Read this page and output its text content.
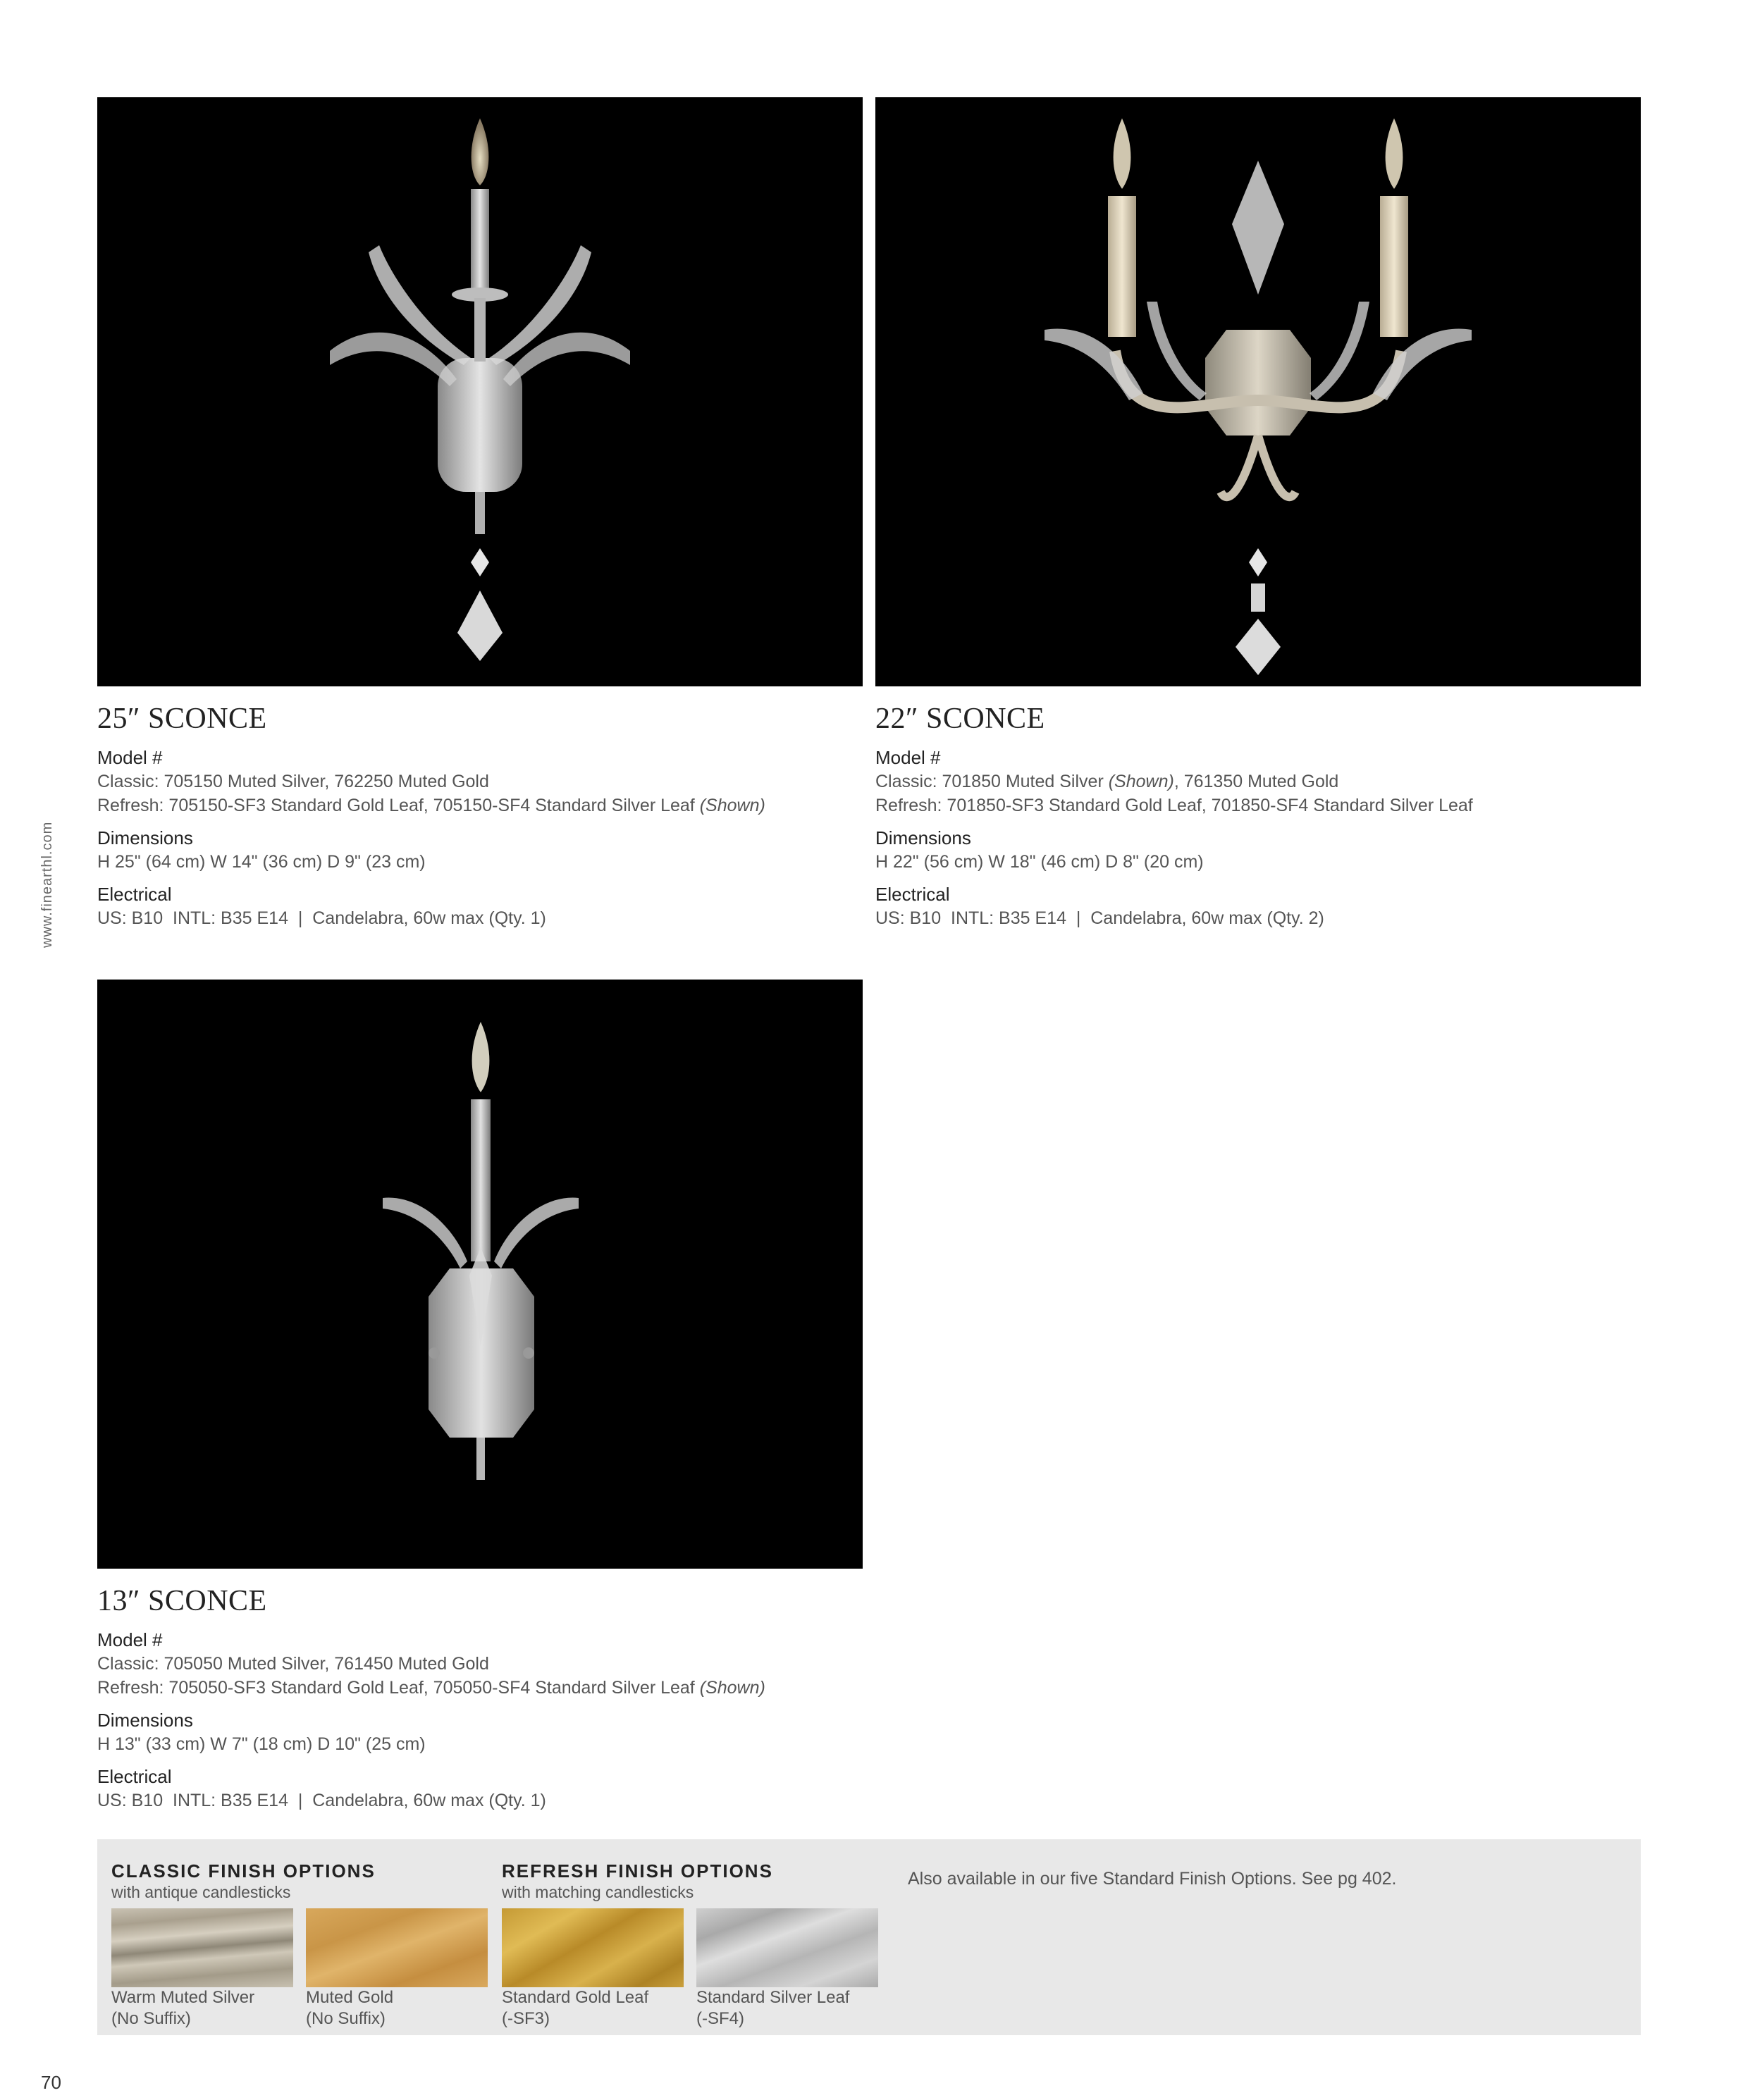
25″ SCONCE
Model #
Classic: 705150 Muted Silver, 762250 Muted Gold
Refresh: 705150-SF3 Standard Gold Leaf, 705150-SF4 Standard Silver Leaf (Shown)
Dimensions
H 25" (64 cm) W 14" (36 cm) D 9" (23 cm)
Electrical
US: B10  INTL: B35 E14  |  Candelabra, 60w max (Qty. 1)
22″ SCONCE
Model #
Classic: 701850 Muted Silver (Shown), 761350 Muted Gold
Refresh: 701850-SF3 Standard Gold Leaf, 701850-SF4 Standard Silver Leaf
Dimensions
H 22" (56 cm) W 18" (46 cm) D 8" (20 cm)
Electrical
US: B10  INTL: B35 E14  |  Candelabra, 60w max (Qty. 2)
13″ SCONCE
Model #
Classic: 705050 Muted Silver, 761450 Muted Gold
Refresh: 705050-SF3 Standard Gold Leaf, 705050-SF4 Standard Silver Leaf (Shown)
Dimensions
H 13" (33 cm) W 7" (18 cm) D 10" (25 cm)
Electrical
US: B10  INTL: B35 E14  |  Candelabra, 60w max (Qty. 1)
www.finearthl.com
CLASSIC FINISH OPTIONS
with antique candlesticks
REFRESH FINISH OPTIONS
with matching candlesticks
Warm Muted Silver
(No Suffix)
Muted Gold
(No Suffix)
Standard Gold Leaf
(-SF3)
Standard Silver Leaf
(-SF4)
Also available in our five Standard Finish Options. See pg 402.
70
